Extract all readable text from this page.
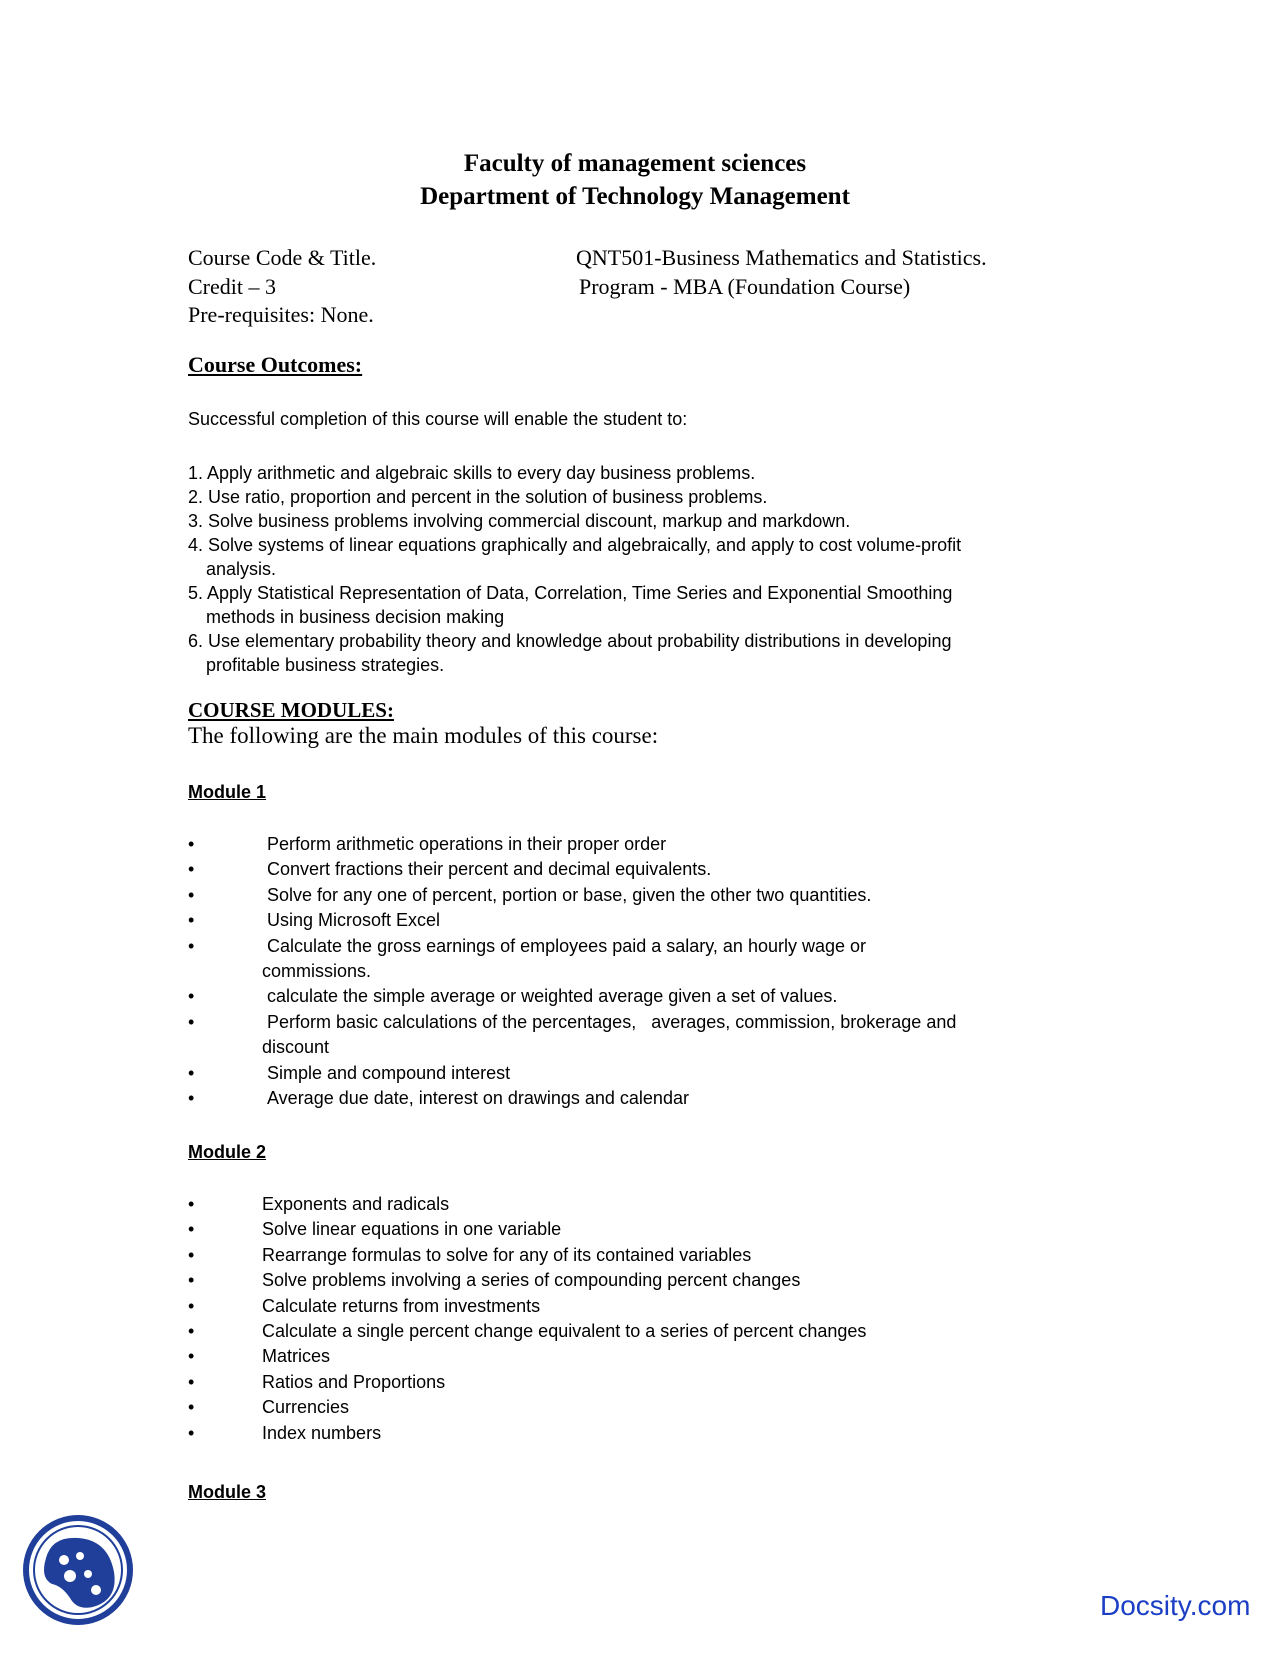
Faculty of management sciences
Department of Technology Management
Course Code & Title.	QNT501-Business Mathematics and Statistics.
Credit – 3	Program - MBA (Foundation Course)
Pre-requisites: None.
Course Outcomes:
Successful completion of this course will enable the student to:
1. Apply arithmetic and algebraic skills to every day business problems.
2. Use ratio, proportion and percent in the solution of business problems.
3. Solve business problems involving commercial discount, markup and markdown.
4. Solve systems of linear equations graphically and algebraically, and apply to cost volume-profit
analysis.
5. Apply Statistical Representation of Data, Correlation, Time Series and Exponential Smoothing
methods in business decision making
6. Use elementary probability theory and knowledge about probability distributions in developing
profitable business strategies.
COURSE MODULES:
The following are the main modules of this course:
Module 1
•	Perform arithmetic operations in their proper order
•	Convert fractions their percent and decimal equivalents.
•	Solve for any one of percent, portion or base, given the other two quantities.
•	Using Microsoft Excel
•	Calculate the gross earnings of employees paid a salary, an hourly wage or
commissions.
•	calculate the simple average or weighted average given a set of values.
•	Perform basic calculations of the percentages,   averages, commission, brokerage and
discount
•	Simple and compound interest
•	Average due date, interest on drawings and calendar
Module 2
•	Exponents and radicals
•	Solve linear equations in one variable
•	Rearrange formulas to solve for any of its contained variables
•	Solve problems involving a series of compounding percent changes
•	Calculate returns from investments
•	Calculate a single percent change equivalent to a series of percent changes
•	Matrices
•	Ratios and Proportions
•	Currencies
•	Index numbers
Module 3
Docsity.com
